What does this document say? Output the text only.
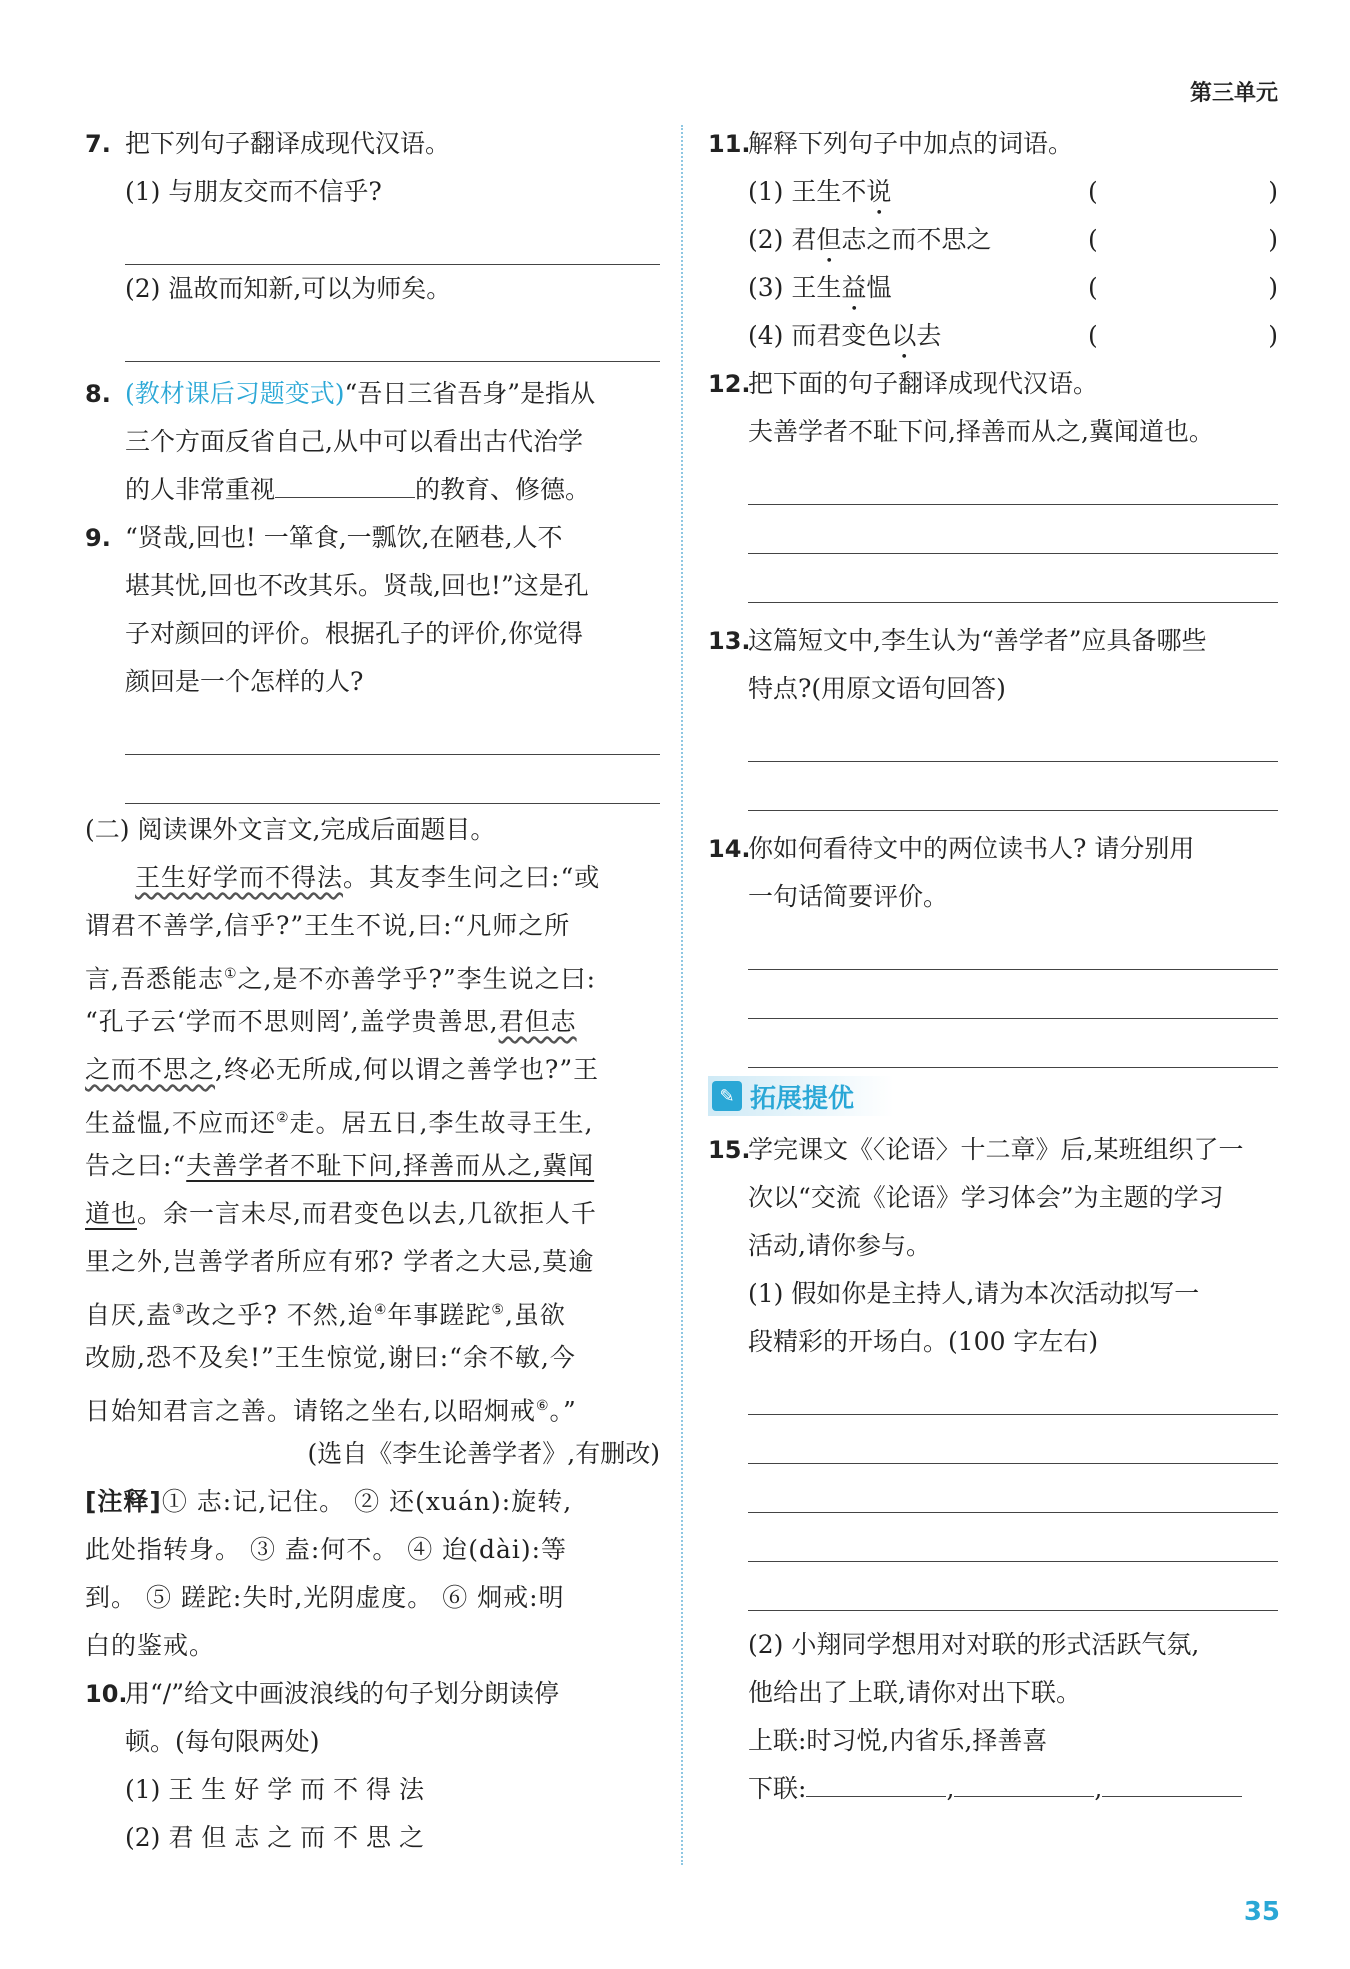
第三单元
7. 把下列句子翻译成现代汉语。
(1) 与朋友交而不信乎?
(2) 温故而知新,可以为师矣。
8. (教材课后习题变式)“吾日三省吾身”是指从
三个方面反省自己,从中可以看出古代治学
的人非常重视	的教育、修德。
9. “贤哉,回也! 一箪食,一瓢饮,在陋巷,人不
堪其忧,回也不改其乐。贤哉,回也!”这是孔
子对颜回的评价。根据孔子的评价,你觉得
颜回是一个怎样的人?
(二) 阅读课外文言文,完成后面题目。
王生好学而不得法。其友李生问之曰:“或
谓君不善学,信乎?”王生不说,曰:“凡师之所
言,吾悉能志①之,是不亦善学乎?”李生说之曰:
“孔子云‘学而不思则罔’,盖学贵善思,君但志
之而不思之,终必无所成,何以谓之善学也?”王
生益愠,不应而还②走。居五日,李生故寻王生,
告之曰:“夫善学者不耻下问,择善而从之,冀闻
道也。余一言未尽,而君变色以去,几欲拒人千
里之外,岂善学者所应有邪? 学者之大忌,莫逾
自厌,盍③改之乎? 不然,迨④年事蹉跎⑤,虽欲
改励,恐不及矣!”王生惊觉,谢曰:“余不敏,今
日始知君言之善。请铭之坐右,以昭炯戒⑥。”
(选自《李生论善学者》,有删改)
[注释]① 志:记,记住。 ② 还(xuán):旋转,
此处指转身。 ③ 盍:何不。 ④ 迨(dài):等
到。 ⑤ 蹉跎:失时,光阴虚度。 ⑥ 炯戒:明
白的鉴戒。
10.用“/”给文中画波浪线的句子划分朗读停
顿。(每句限两处)
(1) 王 生 好 学 而 不 得 法
(2) 君 但 志 之 而 不 思 之
11.解释下列句子中加点的词语。
(1) 王生不说	(	)
(2) 君但志之而不思之	(	)
(3) 王生益愠	(	)
(4) 而君变色以去	(	)
12.把下面的句子翻译成现代汉语。
夫善学者不耻下问,择善而从之,冀闻道也。
13.这篇短文中,李生认为“善学者”应具备哪些
特点?(用原文语句回答)
14.你如何看待文中的两位读书人? 请分别用
一句话简要评价。
✎ 拓展提优
15.学完课文《〈论语〉十二章》后,某班组织了一
次以“交流《论语》学习体会”为主题的学习
活动,请你参与。
(1) 假如你是主持人,请为本次活动拟写一
段精彩的开场白。(100 字左右)
(2) 小翔同学想用对对联的形式活跃气氛,
他给出了上联,请你对出下联。
上联:时习悦,内省乐,择善喜
下联:	,	,
35
